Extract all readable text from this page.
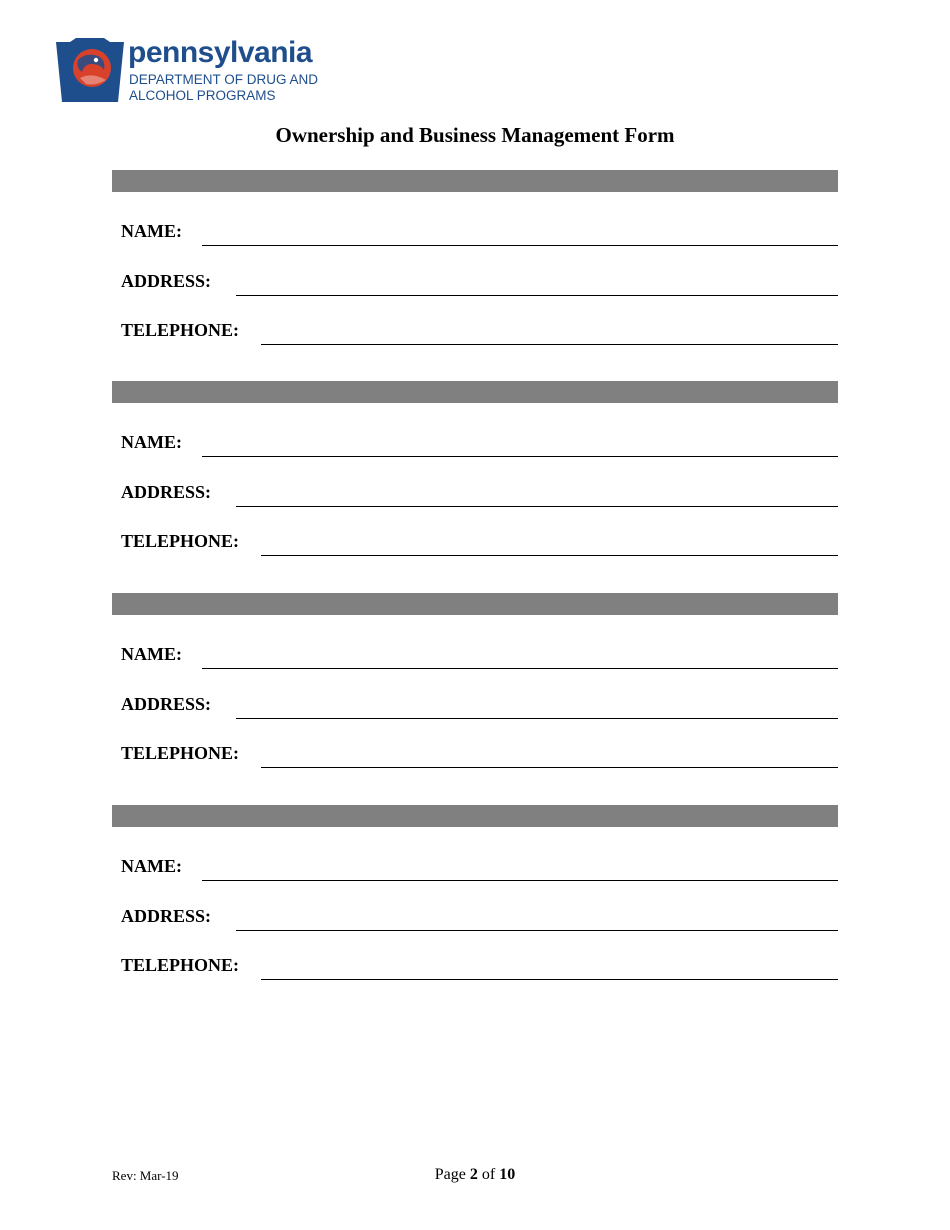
pennsylvania
DEPARTMENT OF DRUG AND
ALCOHOL PROGRAMS
Ownership and Business Management Form
NAME:
ADDRESS:
TELEPHONE:
NAME:
ADDRESS:
TELEPHONE:
NAME:
ADDRESS:
TELEPHONE:
NAME:
ADDRESS:
TELEPHONE:
Rev: Mar-19	Page 2 of 10
